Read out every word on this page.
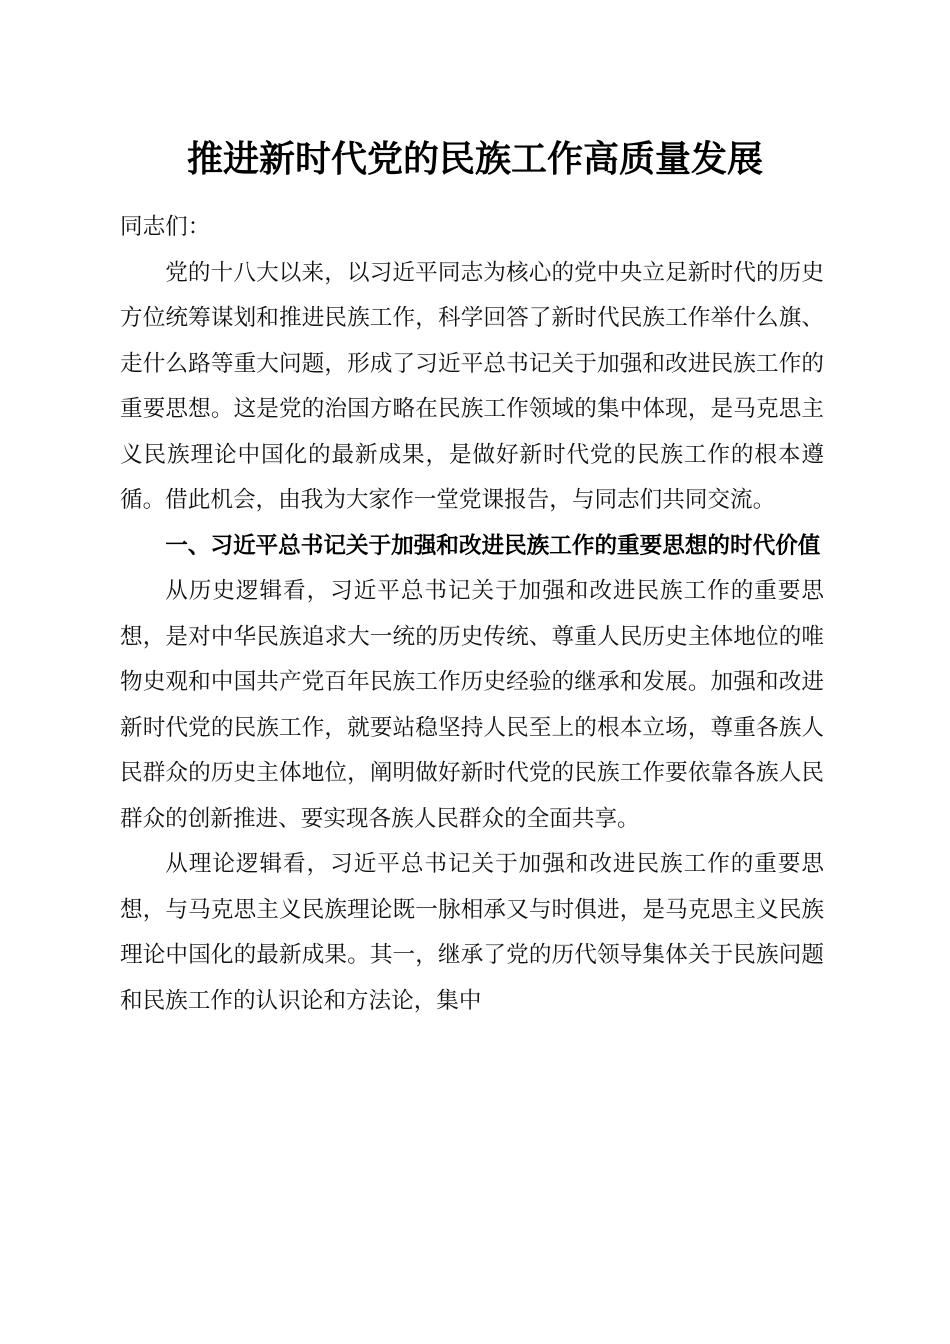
推进新时代党的民族工作高质量发展

同志们：

党的十八大以来，以习近平同志为核心的党中央立足新时代的历史方位统筹谋划和推进民族工作，科学回答了新时代民族工作举什么旗、走什么路等重大问题，形成了习近平总书记关于加强和改进民族工作的重要思想。这是党的治国方略在民族工作领域的集中体现，是马克思主义民族理论中国化的最新成果，是做好新时代党的民族工作的根本遵循。借此机会，由我为大家作一堂党课报告，与同志们共同交流。

一、习近平总书记关于加强和改进民族工作的重要思想的时代价值

从历史逻辑看，习近平总书记关于加强和改进民族工作的重要思想，是对中华民族追求大一统的历史传统、尊重人民历史主体地位的唯物史观和中国共产党百年民族工作历史经验的继承和发展。加强和改进新时代党的民族工作，就要站稳坚持人民至上的根本立场，尊重各族人民群众的历史主体地位，阐明做好新时代党的民族工作要依靠各族人民群众的创新推进、要实现各族人民群众的全面共享。

从理论逻辑看，习近平总书记关于加强和改进民族工作的重要思想，与马克思主义民族理论既一脉相承又与时俱进，是马克思主义民族理论中国化的最新成果。其一，继承了党的历代领导集体关于民族问题和民族工作的认识论和方法论，集中
